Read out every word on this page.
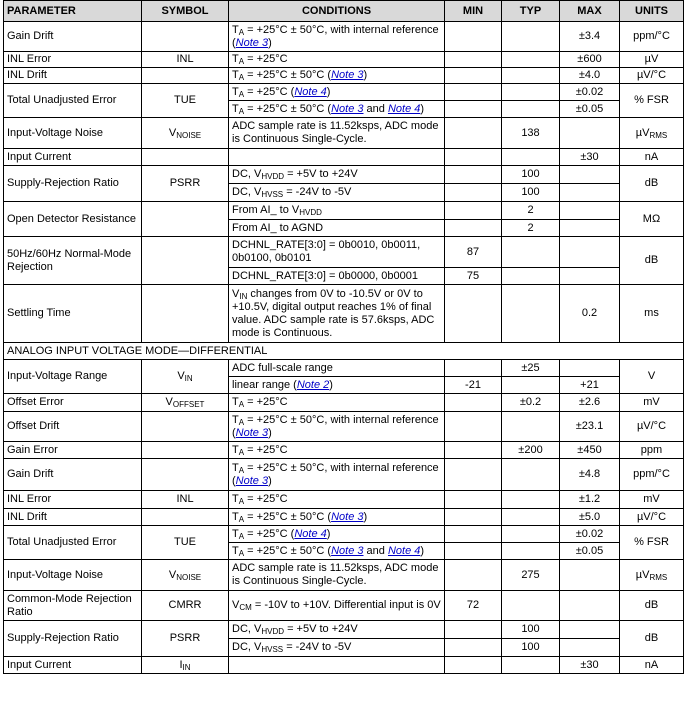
PARAMETER	SYMBOL	CONDITIONS	MIN	TYP	MAX	UNITS
Gain Drift		$T_A = +25^\circ C \pm 50^\circ C$, with internal reference (Note 3)			±3.4	ppm/°C
INL Error	INL	$T_A = +25^\circ C$			±600	µV
INL Drift		$T_A = +25^\circ C \pm 50^\circ C$ (Note 3)			±4.0	µV/°C
Total Unadjusted Error	TUE	$T_A = +25^\circ C$ (Note 4)			±0.02	% FSR
		$T_A = +25^\circ C \pm 50^\circ C$ (Note 3 and Note 4)			±0.05	
Input-Voltage Noise	$V_{NOISE}$	ADC sample rate is 11.52ksps, ADC mode is Continuous Single-Cycle.		138		µV$_{RMS}$
Input Current					±30	nA
Supply-Rejection Ratio	PSRR	DC, $V_{HVDD} = +5V$ to +24V		100		dB
		DC, $V_{HVSS} = -24V$ to -5V		100		
Open Detector Resistance		From AI_ to $V_{HVDD}$		2		MΩ
		From AI_ to AGND		2		
50Hz/60Hz Normal-Mode Rejection		DCHNL_RATE[3:0] = 0b0010, 0b0011, 0b0100, 0b0101	87			dB
		DCHNL_RATE[3:0] = 0b0000, 0b0001	75			
Settling Time		$V_{IN}$ changes from 0V to -10.5V or 0V to +10.5V, digital output reaches 1% of final value. ADC sample rate is 57.6ksps, ADC mode is Continuous.			0.2	ms
ANALOG INPUT VOLTAGE MODE—DIFFERENTIAL						
Input-Voltage Range	$V_{IN}$	ADC full-scale range		±25		V
		linear range (Note 2)	-21		+21	
Offset Error	$V_{OFFSET}$	$T_A = +25^\circ C$		±0.2	±2.6	mV
Offset Drift		$T_A = +25^\circ C \pm 50^\circ C$, with internal reference (Note 3)			±23.1	µV/°C
Gain Error		$T_A = +25^\circ C$		±200	±450	ppm
Gain Drift		$T_A = +25^\circ C \pm 50^\circ C$, with internal reference (Note 3)			±4.8	ppm/°C
INL Error	INL	$T_A = +25^\circ C$			±1.2	mV
INL Drift		$T_A = +25^\circ C \pm 50^\circ C$ (Note 3)			±5.0	µV/°C
Total Unadjusted Error	TUE	$T_A = +25^\circ C$ (Note 4)			±0.02	% FSR
		$T_A = +25^\circ C \pm 50^\circ C$ (Note 3 and Note 4)			±0.05	
Input-Voltage Noise	$V_{NOISE}$	ADC sample rate is 11.52ksps, ADC mode is Continuous Single-Cycle.		275		µV$_{RMS}$
Common-Mode Rejection Ratio	CMRR	$V_{CM} = -10V$ to +10V. Differential input is 0V	72			dB
Supply-Rejection Ratio	PSRR	DC, $V_{HVDD} = +5V$ to +24V		100		dB
		DC, $V_{HVSS} = -24V$ to -5V		100		
Input Current	$I_{IN}$				±30	nA
